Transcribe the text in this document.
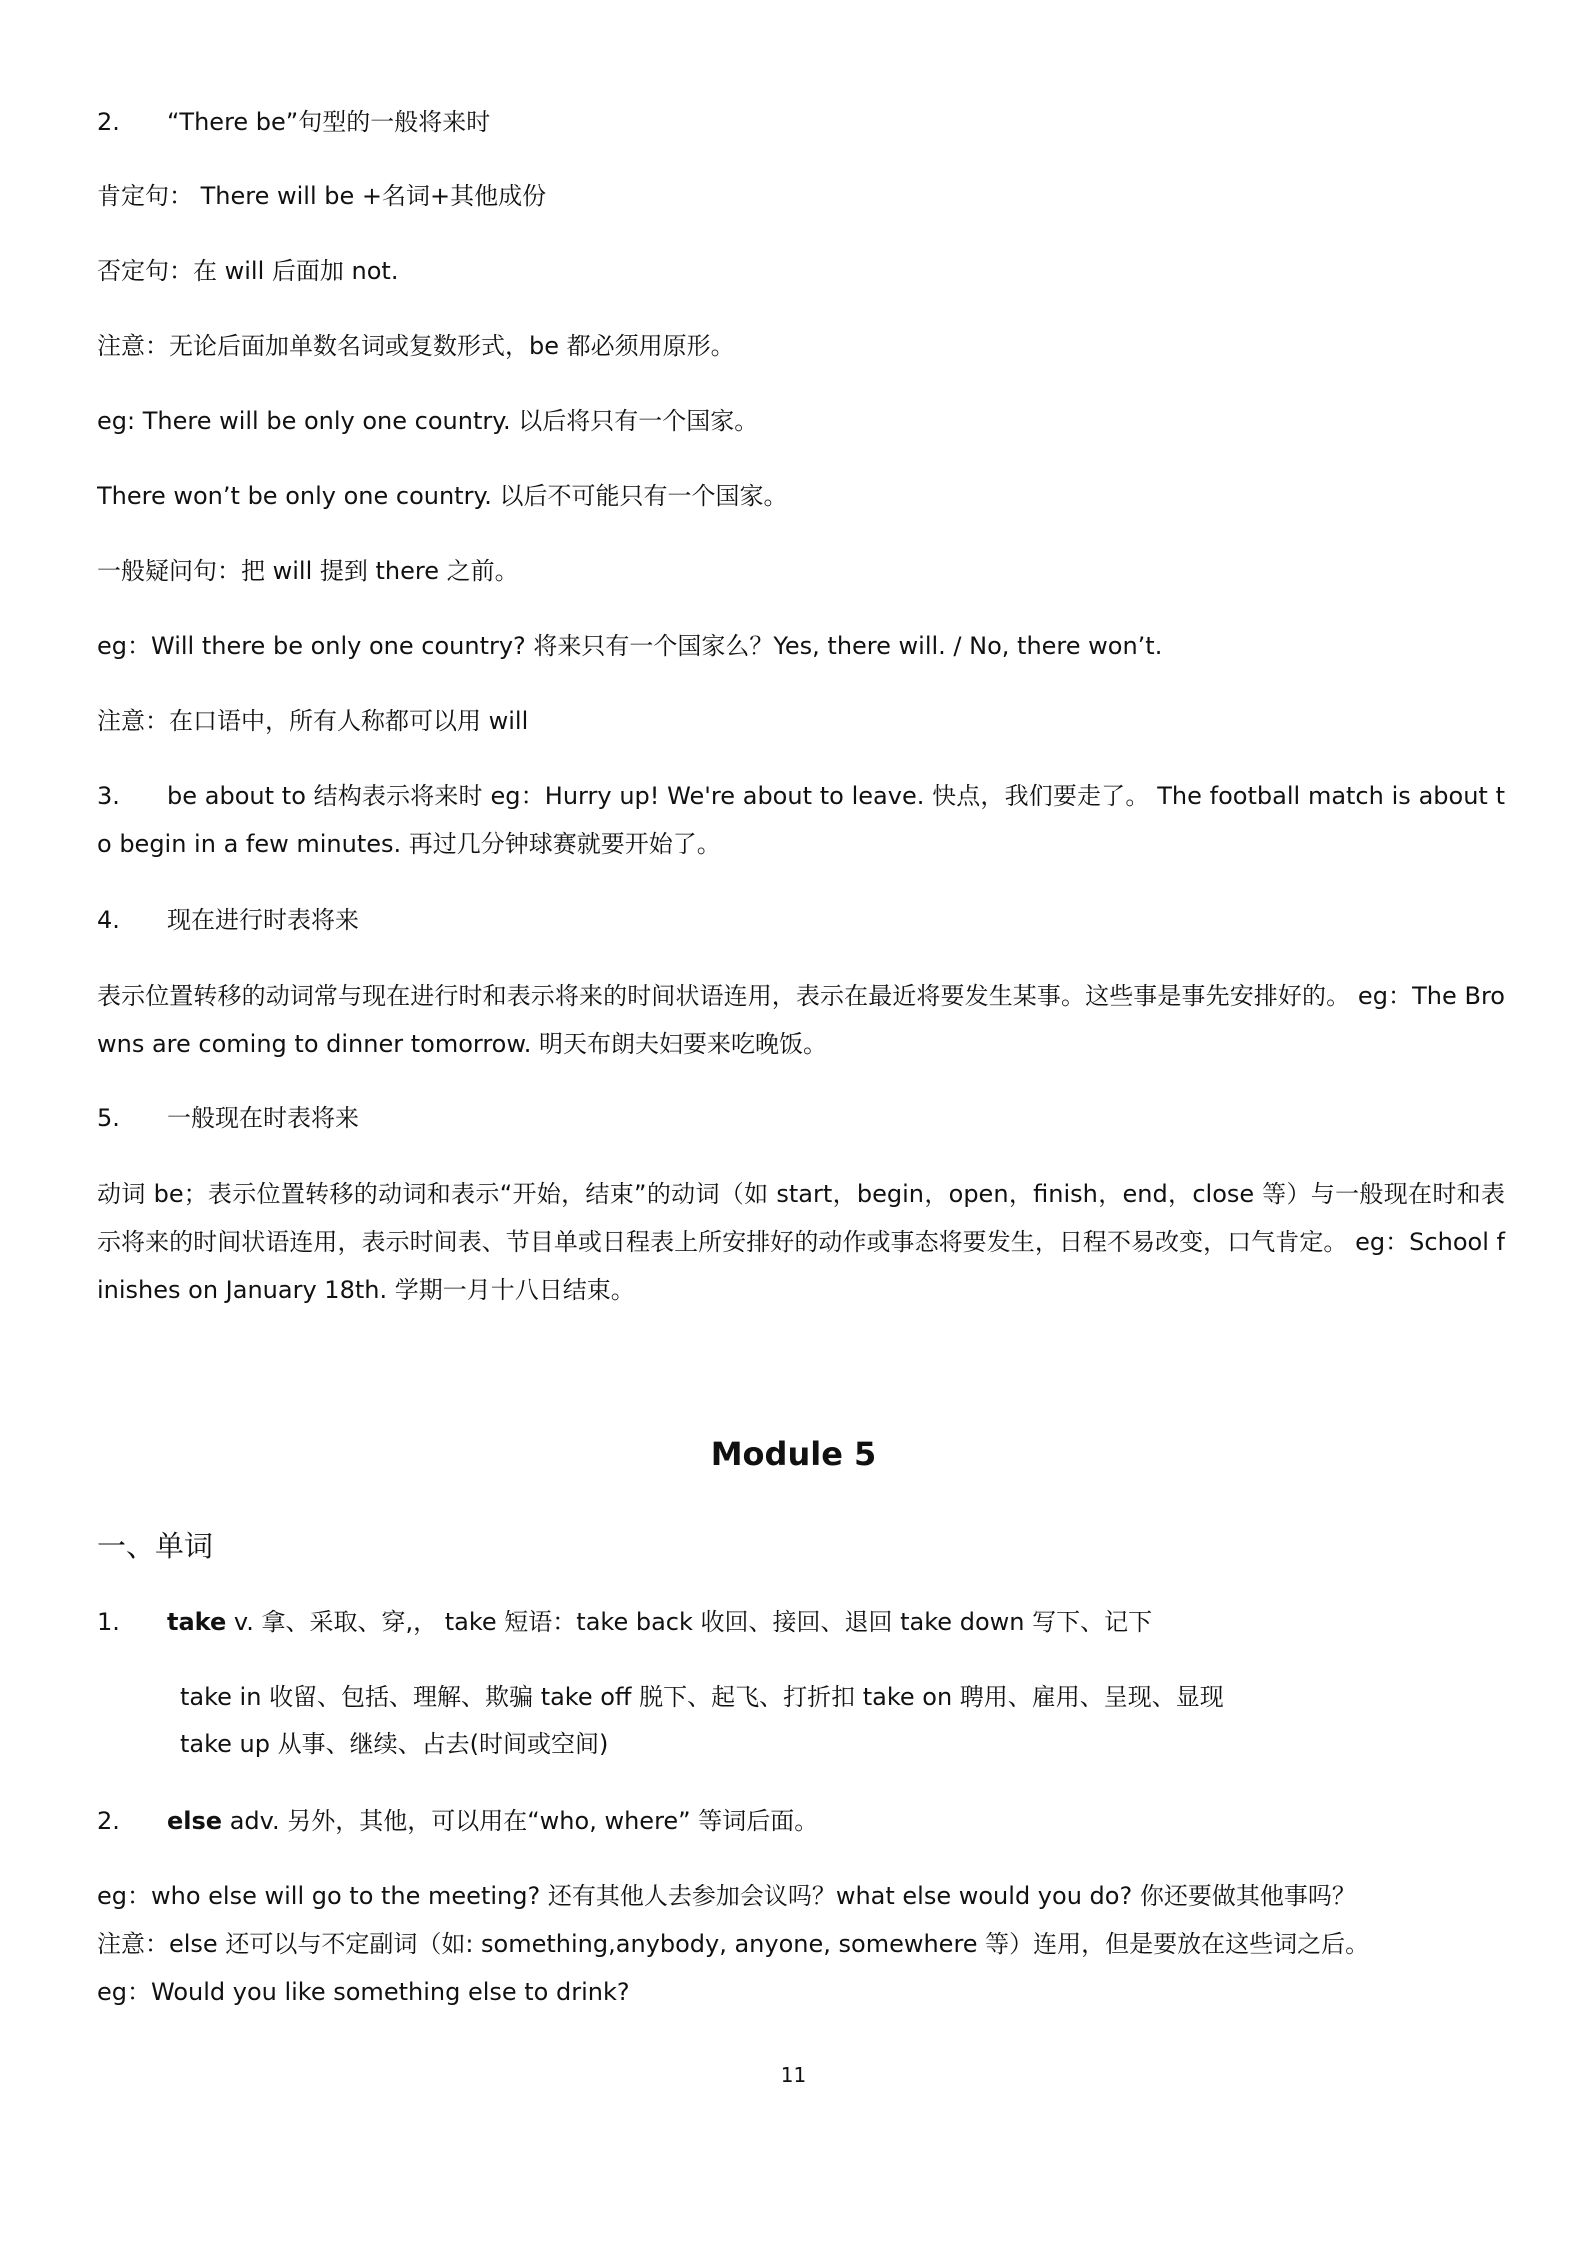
2. “There be”句型的一般将来时
肯定句： There will be +名词+其他成份
否定句：在 will 后面加 not.
注意：无论后面加单数名词或复数形式，be 都必须用原形。
eg: There will be only one country. 以后将只有一个国家。
There won’t be only one country. 以后不可能只有一个国家。
一般疑问句：把 will 提到 there 之前。
eg：Will there be only one country? 将来只有一个国家么？Yes, there will. / No, there won’t.
注意：在口语中，所有人称都可以用 will
3. be about to 结构表示将来时 eg：Hurry up! We're about to leave. 快点，我们要走了。 The football match is about to begin in a few minutes. 再过几分钟球赛就要开始了。
4. 现在进行时表将来
表示位置转移的动词常与现在进行时和表示将来的时间状语连用，表示在最近将要发生某事。这些事是事先安排好的。 eg：The Browns are coming to dinner tomorrow. 明天布朗夫妇要来吃晚饭。
5. 一般现在时表将来
动词 be；表示位置转移的动词和表示“开始，结束”的动词（如 start，begin，open，finish，end，close 等）与一般现在时和表示将来的时间状语连用，表示时间表、节目单或日程表上所安排好的动作或事态将要发生，日程不易改变，口气肯定。 eg：School finishes on January 18th. 学期一月十八日结束。
Module 5
一、单词
1. take v. 拿、采取、穿,， take 短语：take back 收回、接回、退回 take down 写下、记下
take in 收留、包括、理解、欺骗 take off 脱下、起飞、打折扣 take on 聘用、雇用、呈现、显现
take up 从事、继续、占去(时间或空间)
2. else adv. 另外，其他，可以用在“who, where” 等词后面。
eg：who else will go to the meeting? 还有其他人去参加会议吗？what else would you do? 你还要做其他事吗？
注意：else 还可以与不定副词（如: something,anybody, anyone, somewhere 等）连用，但是要放在这些词之后。
eg：Would you like something else to drink?
11
